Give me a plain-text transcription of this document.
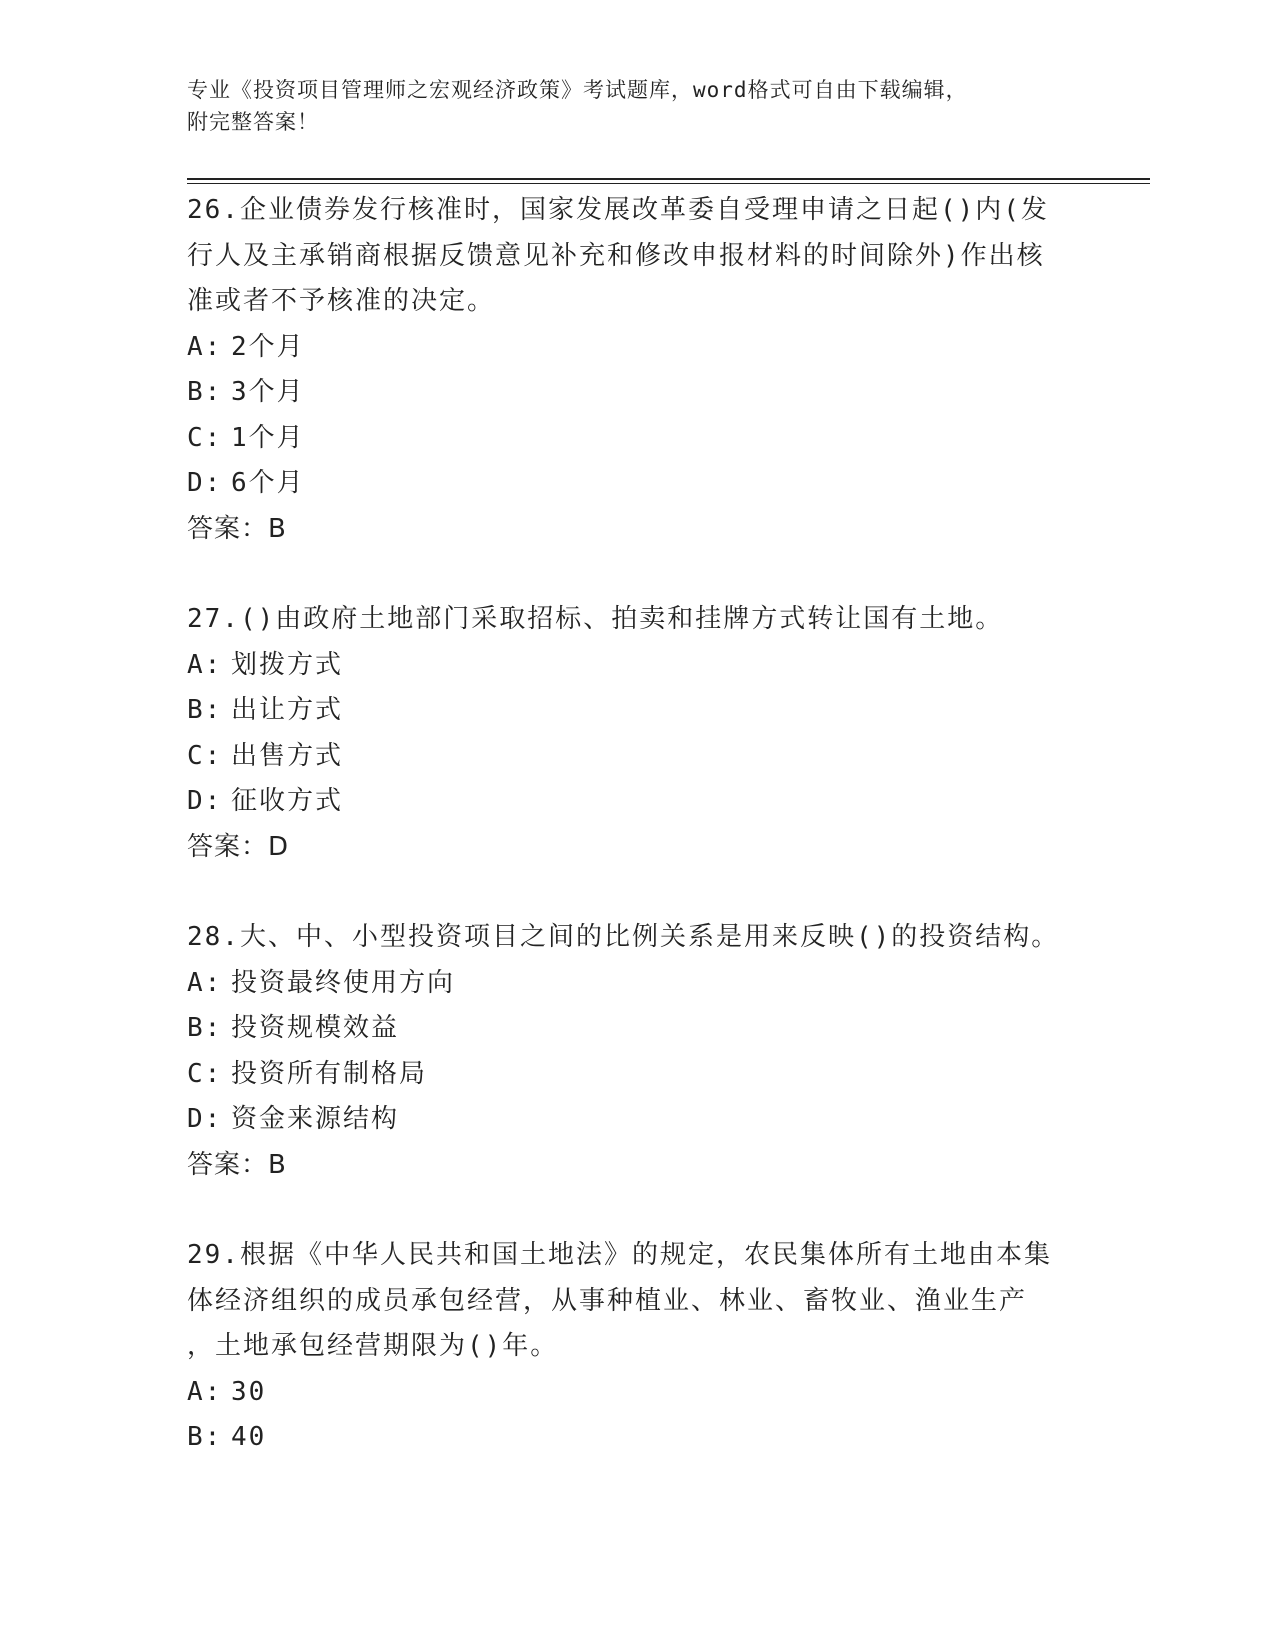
专业《投资项目管理师之宏观经济政策》考试题库，word格式可自由下载编辑，
附完整答案！
26.企业债券发行核准时，国家发展改革委自受理申请之日起()内(发
行人及主承销商根据反馈意见补充和修改申报材料的时间除外)作出核
准或者不予核准的决定。
A: 2个月
B: 3个月
C: 1个月
D: 6个月
答案：B
27.()由政府土地部门采取招标、拍卖和挂牌方式转让国有土地。
A: 划拨方式
B: 出让方式
C: 出售方式
D: 征收方式
答案：D
28.大、中、小型投资项目之间的比例关系是用来反映()的投资结构。
A: 投资最终使用方向
B: 投资规模效益
C: 投资所有制格局
D: 资金来源结构
答案：B
29.根据《中华人民共和国土地法》的规定，农民集体所有土地由本集
体经济组织的成员承包经营，从事种植业、林业、畜牧业、渔业生产
，土地承包经营期限为()年。
A: 30
B: 40
